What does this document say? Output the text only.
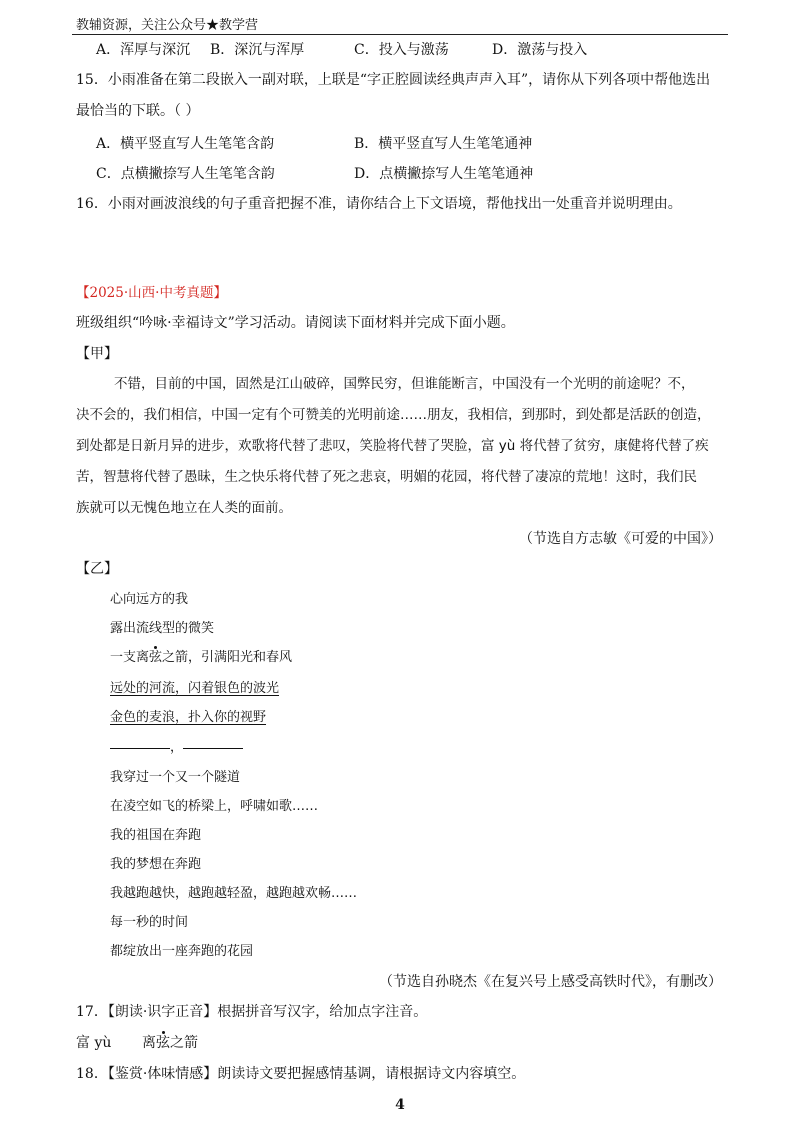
教辅资源，关注公众号★教学营
A．浑厚与深沉 B．深沉与浑厚	C．投入与激荡	D．激荡与投入
15．小雨准备在第二段嵌入一副对联，上联是“字正腔圆读经典声声入耳”，请你从下列各项中帮他选出
最恰当的下联。（ ）
A．横平竖直写人生笔笔含韵	B．横平竖直写人生笔笔通神
C．点横撇捺写人生笔笔含韵	D．点横撇捺写人生笔笔通神
16．小雨对画波浪线的句子重音把握不准，请你结合上下文语境，帮他找出一处重音并说明理由。
【2025·山西·中考真题】
班级组织“吟咏·幸福诗文”学习活动。请阅读下面材料并完成下面小题。
【甲】
不错，目前的中国，固然是江山破碎，国弊民穷，但谁能断言，中国没有一个光明的前途呢？不，
决不会的，我们相信，中国一定有个可赞美的光明前途……朋友，我相信，到那时，到处都是活跃的创造，
到处都是日新月异的进步，欢歌将代替了悲叹，笑脸将代替了哭脸，富 yù 将代替了贫穷，康健将代替了疾
苦，智慧将代替了愚昧，生之快乐将代替了死之悲哀，明媚的花园，将代替了凄凉的荒地！这时，我们民
族就可以无愧色地立在人类的面前。
（节选自方志敏《可爱的中国》）
【乙】
心向远方的我
露出流线型的微笑
一支离弦之箭，引满阳光和春风
远处的河流，闪着银色的波光
金色的麦浪，扑入你的视野
，
我穿过一个又一个隧道
在凌空如飞的桥梁上，呼啸如歌……
我的祖国在奔跑
我的梦想在奔跑
我越跑越快，越跑越轻盈，越跑越欢畅……
每一秒的时间
都绽放出一座奔跑的花园
（节选自孙晓杰《在复兴号上感受高铁时代》，有删改）
17．【朗读·识字正音】根据拼音写汉字，给加点字注音。
富 yù 离弦之箭
18．【鉴赏·体味情感】朗读诗文要把握感情基调，请根据诗文内容填空。
4
